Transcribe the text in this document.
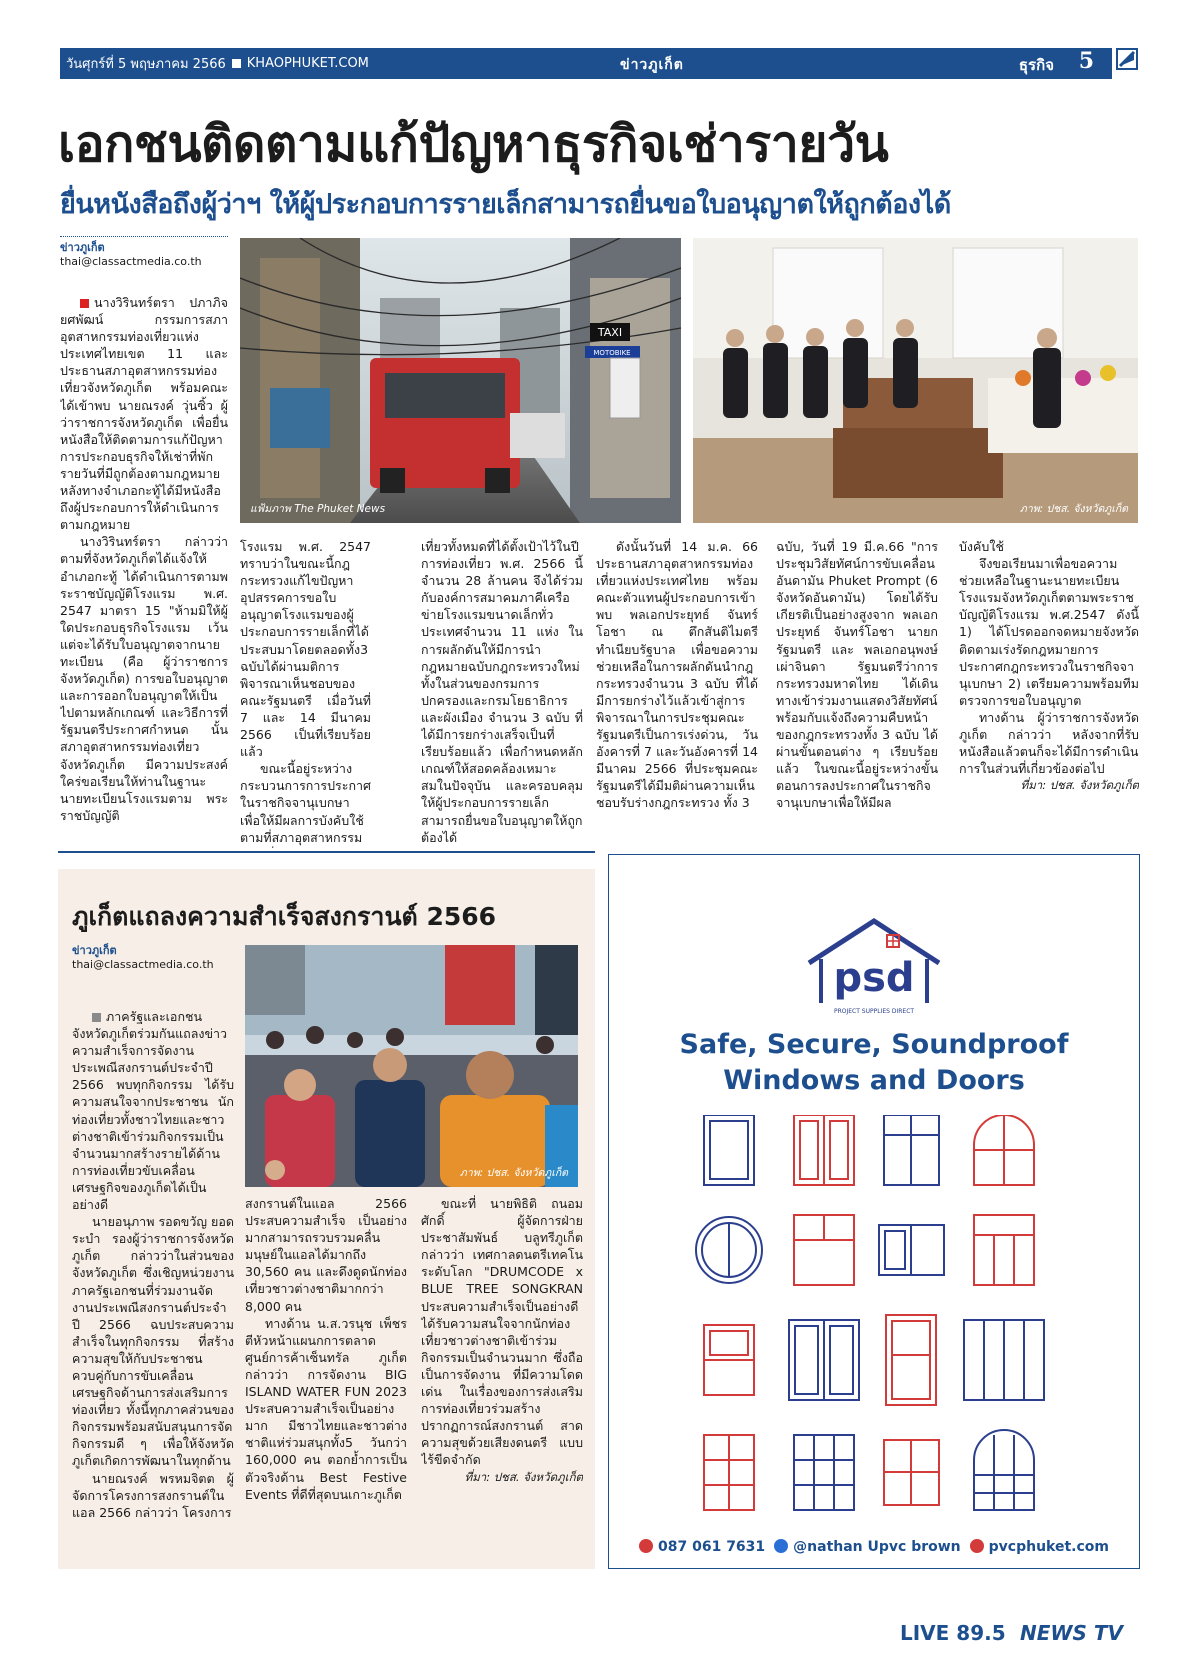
วันศุกร์ที่ 5 พฤษภาคม 2566 KHAOPHUKET.COM	ข่าวภูเก็ต	ธุรกิจ 5
เอกชนติดตามแก้ปัญหาธุรกิจเช่ารายวัน
ยื่นหนังสือถึงผู้ว่าฯ ให้ผู้ประกอบการรายเล็กสามารถยื่นขอใบอนุญาตให้ถูกต้องได้
ข่าวภูเก็ต
thai@classactmedia.co.th

นางวิรินทร์ตรา ปภาภิจยศพัฒน์ กรรมการสภาอุตสาหกรรมท่องเที่ยวแห่งประเทศไทยเขต 11 และประธานสภาอุตสาหกรรมท่องเที่ยวจังหวัดภูเก็ต พร้อมคณะ ได้เข้าพบ นายณรงค์ วุ่นซิ้ว ผู้ว่าราชการจังหวัดภูเก็ต เพื่อยื่นหนังสือให้ติดตามการแก้ปัญหาการประกอบธุรกิจให้เช่าที่พักรายวันที่มีถูกต้องตามกฎหมาย หลังทางจำเภอกะทู้ได้มีหนังสือถึงผู้ประกอบการให้ดำเนินการตามกฎหมาย

นางวิรินทร์ตรา กล่าวว่า ตามที่จังหวัดภูเก็ตได้แจ้งให้อำเภอกะทู้ ได้ดำเนินการตามพระราชบัญญัติโรงแรม พ.ศ. 2547 มาตรา 15 "ห้ามมิให้ผู้ใดประกอบธุรกิจโรงแรม เว้นแต่จะได้รับใบอนุญาตจากนายทะเบียน (คือ ผู้ว่าราชการจังหวัดภูเก็ต) การขอใบอนุญาตและการออกใบอนุญาตให้เป็นไปตามหลักเกณฑ์ และวิธีการที่รัฐมนตรีประกาศกำหนด นั้น สภาอุตสาหกรรมท่องเที่ยวจังหวัดภูเก็ต มีความประสงค์ใคร่ขอเรียนให้ท่านในฐานะนายทะเบียนโรงแรมตาม พระราชบัญญัติ

TAXI
MOTOBIKE
แฟ้มภาพ The Phuket News	ภาพ: ปชส. จังหวัดภูเก็ต

โรงแรม พ.ศ. 2547 ทราบว่าในขณะนี้กฎกระทรวงแก้ไขปัญหาอุปสรรคการขอใบอนุญาตโรงแรมของผู้ประกอบการรายเล็กที่ได้ประสบมาโดยตลอดทั้ง3 ฉบับได้ผ่านมติการพิจารณาเห็นชอบของคณะรัฐมนตรี เมื่อวันที่ 7 และ 14 มีนาคม 2566 เป็นที่เรียบร้อยแล้ว

ขณะนี้อยู่ระหว่างกระบวนการการประกาศในราชกิจจานุเบกษา เพื่อให้มีผลการบังคับใช้ ตามที่สภาอุตสาหกรรม

เที่ยวทั้งหมดที่ได้ตั้งเป้าไว้ในปีการท่องเที่ยว พ.ศ. 2566 นี้จำนวน 28 ล้านคน จึงได้ร่วมกับองค์การสมาคมภาคีเครือข่ายโรงแรมขนาดเล็กทั่วประเทศจำนวน 11 แห่ง ในการผลักดันให้มีการนำกฎหมายฉบับกฎกระทรวงใหม่ ทั้งในส่วนของกรมการปกครองและกรมโยธาธิการ และผังเมือง จำนวน 3 ฉบับ ที่ได้มีการยกร่างเสร็จเป็นที่เรียบร้อยแล้ว เพื่อกำหนดหลักเกณฑ์ให้สอดคล้องเหมาะสมในปัจจุบัน และครอบคลุมให้ผู้ประกอบการรายเล็กสามารถยื่นขอใบอนุญาตให้ถูกต้องได้

ดังนั้นวันที่ 14 ม.ค. 66 ประธานสภาอุตสาหกรรมท่องเที่ยวแห่งประเทศไทย พร้อมคณะตัวแทนผู้ประกอบการเข้าพบ พลเอกประยุทธ์ จันทร์โอชา ณ ตึกสันติไมตรี ทำเนียบรัฐบาล เพื่อขอความช่วยเหลือในการผลักดันนำกฎกระทรวงจำนวน 3 ฉบับ ที่ได้มีการยกร่างไว้แล้วเข้าสู่การพิจารณาในการประชุมคณะรัฐมนตรีเป็นการเร่งด่วน, วันอังคารที่ 7 และวันอังคารที่ 14 มีนาคม 2566 ที่ประชุมคณะรัฐมนตรีได้มีมติผ่านความเห็นชอบรับร่างกฎกระทรวง ทั้ง 3

ฉบับ, วันที่ 19 มี.ค.66 "การประชุมวิสัยทัศน์การขับเคลื่อนอันดามัน Phuket Prompt (6 จังหวัดอันดามัน) โดยได้รับเกียรติเป็นอย่างสูงจาก พลเอกประยุทธ์ จันทร์โอชา นายกรัฐมนตรี และ พลเอกอนุพงษ์ เผ่าจินดา รัฐมนตรีว่าการกระทรวงมหาดไทย ได้เดินทางเข้าร่วมงานแสดงวิสัยทัศน์ พร้อมกับแจ้งถึงความคืบหน้าของกฎกระทรวงทั้ง 3 ฉบับ ได้ผ่านขั้นตอนต่าง ๆ เรียบร้อยแล้ว ในขณะนี้อยู่ระหว่างขั้นตอนการลงประกาศในราชกิจจานุเบกษาเพื่อให้มีผล

บังคับใช้

จึงขอเรียนมาเพื่อขอความช่วยเหลือในฐานะนายทะเบียนโรงแรมจังหวัดภูเก็ตตามพระราชบัญญัติโรงแรม พ.ศ.2547 ดังนี้ 1) ได้โปรดออกจดหมายจังหวัดติดตามเร่งรัดกฎหมายการประกาศกฎกระทรวงในราชกิจจานุเบกษา 2) เตรียมความพร้อมทีมตรวจการขอใบอนุญาต

ทางด้าน ผู้ว่าราชการจังหวัดภูเก็ต กล่าวว่า หลังจากที่รับหนังสือแล้วตนก็จะได้มีการดำเนินการในส่วนที่เกี่ยวข้องต่อไป

ที่มา: ปชส. จังหวัดภูเก็ต
ภูเก็ตแถลงความสำเร็จสงกรานต์ 2566
ข่าวภูเก็ต
thai@classactmedia.co.th
ภาพ: ปชส. จังหวัดภูเก็ต

ภาครัฐและเอกชนจังหวัดภูเก็ตร่วมกันแถลงข่าวความสำเร็จการจัดงานประเพณีสงกรานต์ประจำปี 2566 พบทุกกิจกรรม ได้รับความสนใจจากประชาชน นักท่องเที่ยวทั้งชาวไทยและชาวต่างชาติเข้าร่วมกิจกรรมเป็นจำนวนมากสร้างรายได้ด้านการท่องเที่ยวขับเคลื่อนเศรษฐกิจของภูเก็ตได้เป็นอย่างดี

นายอนุภาพ รอดขวัญ ยอดระบำ รองผู้ว่าราชการจังหวัดภูเก็ต กล่าวว่าในส่วนของจังหวัดภูเก็ต ซึ่งเชิญหน่วยงานภาครัฐเอกชนที่ร่วมงานจัดงานประเพณีสงกรานต์ประจำปี 2566 ฉบประสบความสำเร็จในทุกกิจกรรม ที่สร้างความสุขให้กับประชาชนควบคู่กับการขับเคลื่อนเศรษฐกิจด้านการส่งเสริมการท่องเที่ยว ทั้งนี้ทุกภาคส่วนของกิจกรรมพร้อมสนับสนุนการจัดกิจกรรมดี ๆ เพื่อให้จังหวัดภูเก็ตเกิดการพัฒนาในทุกด้าน

นายณรงค์ พรหมจิตต ผู้จัดการโครงการสงกรานต์ในแอล 2566 กล่าวว่า โครงการ

สงกรานต์ในแอล 2566 ประสบความสำเร็จ เป็นอย่างมากสามารถรวบรวมคลื่นมนุษย์ในแอลได้มากถึง 30,560 คน และดึงดูดนักท่องเที่ยวชาวต่างชาติมากกว่า 8,000 คน

ทางด้าน น.ส.วรนุช เพ็ชรตีหัวหน้าแผนกการตลาดศูนย์การค้าเซ็นทรัล ภูเก็ต กล่าวว่า การจัดงาน BIG ISLAND WATER FUN 2023 ประสบความสำเร็จเป็นอย่างมาก มีชาวไทยและชาวต่างชาติแห่ร่วมสนุกทั้ง5 วันกว่า 160,000 คน ตอกย้ำการเป็นตัวจริงด้าน Best Festive Events ที่ดีที่สุดบนเกาะภูเก็ต

ขณะที่ นายพิธิติ ถนอมศักดิ์ ผู้จัดการฝ่ายประชาสัมพันธ์ บลูทรีภูเก็ต กล่าวว่า เทศกาลดนตรีเทคโนระดับโลก "DRUMCODE x BLUE TREE SONGKRAN ประสบความสำเร็จเป็นอย่างดี ได้รับความสนใจจากนักท่องเที่ยวชาวต่างชาติเข้าร่วมกิจกรรมเป็นจำนวนมาก ซึ่งถือเป็นการจัดงาน ที่มีความโดดเด่น ในเรื่องของการส่งเสริมการท่องเที่ยวร่วมสร้างปรากฏการณ์สงกรานต์ สาดความสุขด้วยเสียงดนตรี แบบไร้ขีดจำกัด

ที่มา: ปชส. จังหวัดภูเก็ต
psd
PROJECT SUPPLIES DIRECT
Safe, Secure, Soundproof
Windows and Doors
087 061 7631	@nathan Upvc brown	pvcphuket.com
LIVE 89.5 NEWS TV
